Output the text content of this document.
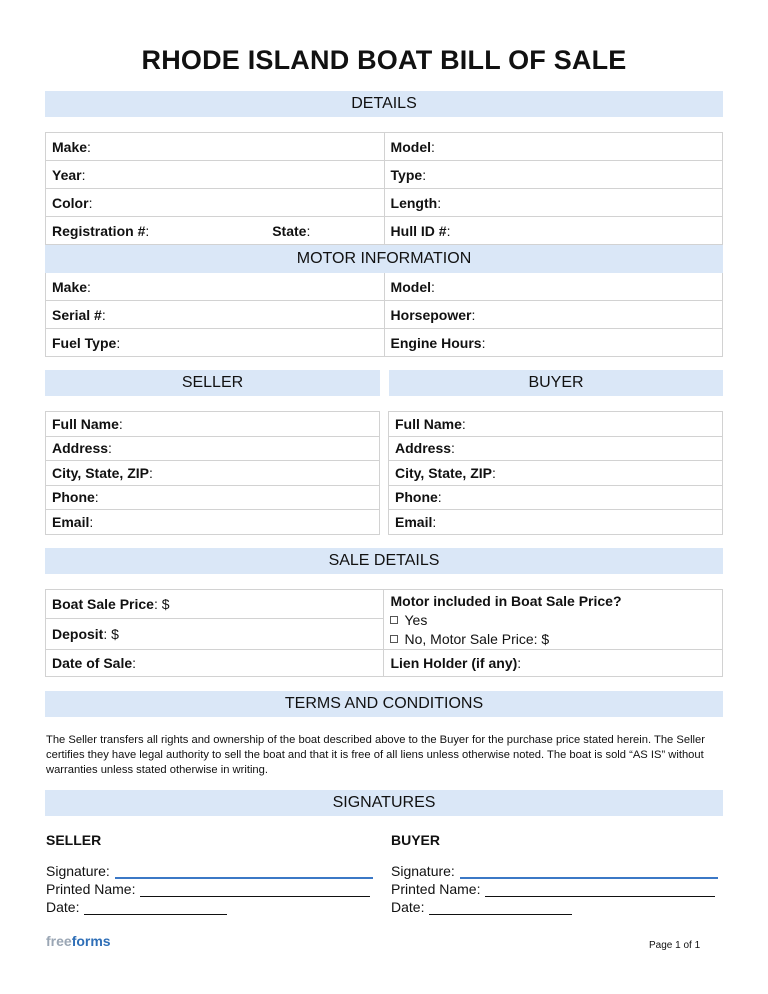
RHODE ISLAND BOAT BILL OF SALE
DETAILS
Make:		Model:
Year:		Type:
Color:		Length:
Registration #:	State:	Hull ID #:
MOTOR INFORMATION		
Make:		Model:
Serial #:		Horsepower:
Fuel Type:		Engine Hours:
SELLER	BUYER
Full Name:
Address:
City, State, ZIP:
Phone:
Email:
Full Name:
Address:
City, State, ZIP:
Phone:
Email:
SALE DETAILS
Boat Sale Price: $	Motor included in Boat Sale Price?
Yes
No, Motor Sale Price: $

Deposit: $	
Date of Sale:	Lien Holder (if any):
TERMS AND CONDITIONS
The Seller transfers all rights and ownership of the boat described above to the Buyer for the purchase price stated herein. The Seller certifies they have legal authority to sell the boat and that it is free of all liens unless otherwise noted. The boat is sold “AS IS” without warranties unless stated otherwise in writing.
SIGNATURES
SELLER	BUYER
Signature:
Printed Name:
Date:
Signature:
Printed Name:
Date:
freeforms	Page 1 of 1
